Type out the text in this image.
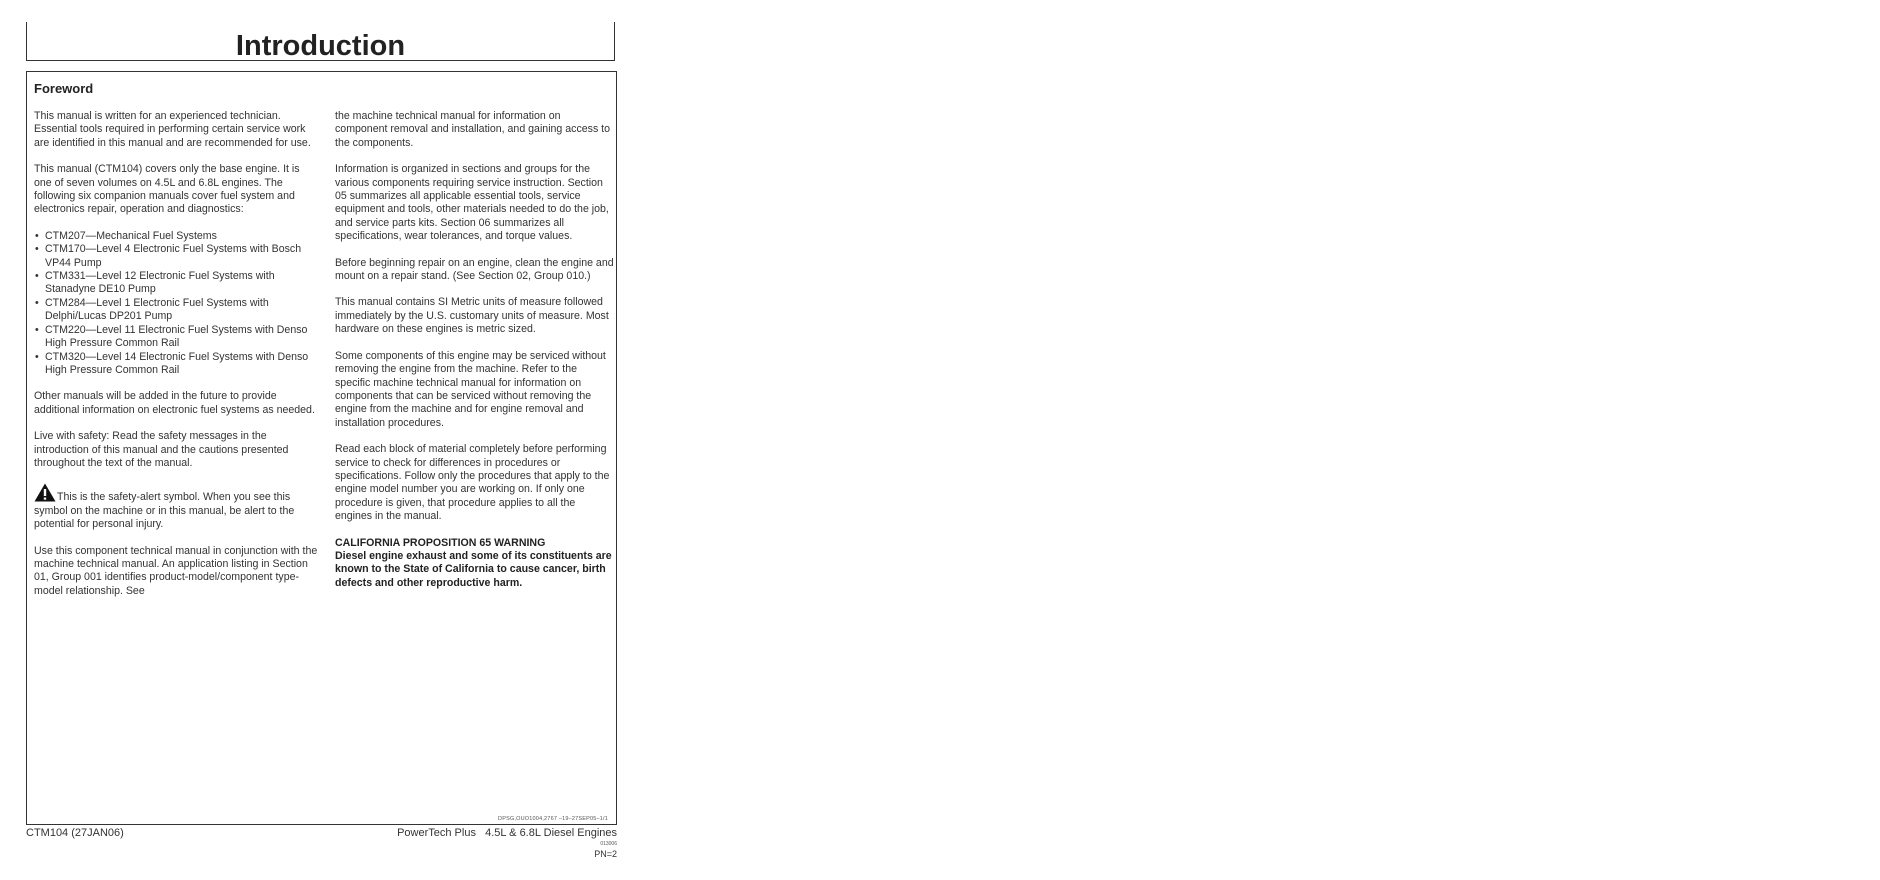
Introduction
Foreword

This manual is written for an experienced technician. Essential tools required in performing certain service work are identified in this manual and are recommended for use.

This manual (CTM104) covers only the base engine. It is one of seven volumes on 4.5L and 6.8L engines. The following six companion manuals cover fuel system and electronics repair, operation and diagnostics:

• CTM207—Mechanical Fuel Systems
• CTM170—Level 4 Electronic Fuel Systems with Bosch VP44 Pump
• CTM331—Level 12 Electronic Fuel Systems with Stanadyne DE10 Pump
• CTM284—Level 1 Electronic Fuel Systems with Delphi/Lucas DP201 Pump
• CTM220—Level 11 Electronic Fuel Systems with Denso High Pressure Common Rail
• CTM320—Level 14 Electronic Fuel Systems with Denso High Pressure Common Rail

Other manuals will be added in the future to provide additional information on electronic fuel systems as needed.

Live with safety: Read the safety messages in the introduction of this manual and the cautions presented throughout the text of the manual.

This is the safety-alert symbol. When you see this symbol on the machine or in this manual, be alert to the potential for personal injury.

Use this component technical manual in conjunction with the machine technical manual. An application listing in Section 01, Group 001 identifies product-model/component type-model relationship. See

the machine technical manual for information on component removal and installation, and gaining access to the components.

Information is organized in sections and groups for the various components requiring service instruction. Section 05 summarizes all applicable essential tools, service equipment and tools, other materials needed to do the job, and service parts kits. Section 06 summarizes all specifications, wear tolerances, and torque values.

Before beginning repair on an engine, clean the engine and mount on a repair stand. (See Section 02, Group 010.)

This manual contains SI Metric units of measure followed immediately by the U.S. customary units of measure. Most hardware on these engines is metric sized.

Some components of this engine may be serviced without removing the engine from the machine. Refer to the specific machine technical manual for information on components that can be serviced without removing the engine from the machine and for engine removal and installation procedures.

Read each block of material completely before performing service to check for differences in procedures or specifications. Follow only the procedures that apply to the engine model number you are working on. If only one procedure is given, that procedure applies to all the engines in the manual.

CALIFORNIA PROPOSITION 65 WARNING
Diesel engine exhaust and some of its constituents are known to the State of California to cause cancer, birth defects and other reproductive harm.
DPSG,OUO1004,2767 –19–27SEP05–1/1
CTM104 (27JAN06)	PowerTech Plus   4.5L & 6.8L Diesel Engines
013006
PN=2
